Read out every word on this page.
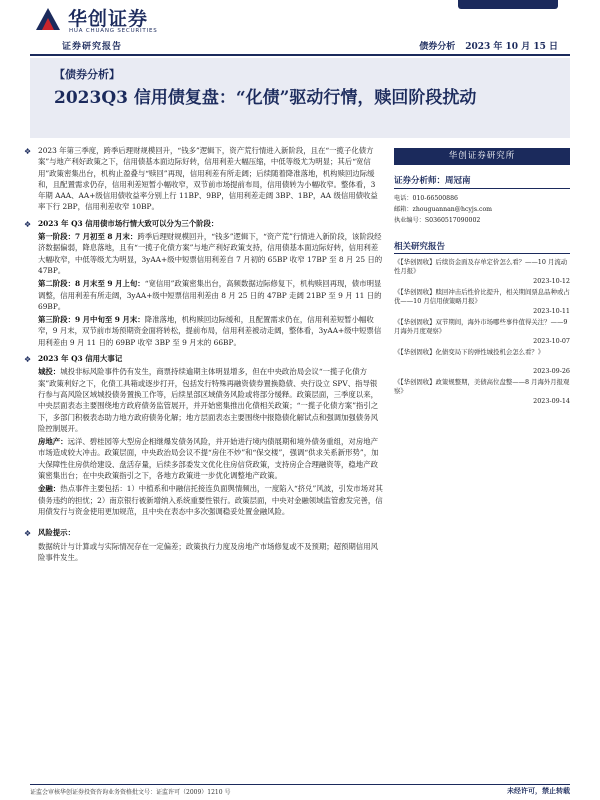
华创证券
HUA CHUANG SECURITIES
证券研究报告	债券分析 2023 年 10 月 15 日
【债券分析】
2023Q3 信用债复盘：“化债”驱动行情，赎回阶段扰动
❖ 2023 年第三季度，跨季后理财规模回升，“钱多”逻辑下，资产荒行情进入新阶段，且在“一揽子化债方案”与地产利好政策之下，信用债基本面边际好转，信用利差大幅压缩，中低等级尤为明显；其后“宽信用”政策密集出台，机构止盈叠与“赎回”再现，信用利差有所走阔；后续随着降准落地，机构赎回边际缓和，且配置需求仍存，信用利差短暂小幅收窄，双节前市场提前布局，信用债转为小幅收窄。整体看，3 年期 AAA、AA+级信用债收益率分别上行 11BP、9BP，信用利差走阔 3BP、1BP，AA 级信用债收益率下行 2BP，信用利差收窄 10BP。
❖ 2023 年 Q3 信用债市场行情大致可以分为三个阶段：
第一阶段：7 月初至 8 月末：跨季后理财规模回升，“钱多”逻辑下，“资产荒”行情进入新阶段，该阶段经济数据偏弱，降息落地，且有“一揽子化债方案”与地产利好政策支持，信用债基本面边际好转，信用利差大幅收窄，中低等级尤为明显，3yAA+级中短票信用利差自 7 月初的 65BP 收窄 17BP 至 8 月 25 日的 47BP。
第二阶段：8 月末至 9 月上旬：“宽信用”政策密集出台，高频数据边际修复下，机构赎回再现，债市明显调整，信用利差有所走阔，3yAA+级中短票信用利差由 8 月 25 日的 47BP 走阔 21BP 至 9 月 11 日的 69BP。
第三阶段：9 月中旬至 9 月末：降准落地，机构赎回边际缓和，且配置需求仍在，信用利差短暂小幅收窄，9 月末，双节前市场预期资金面将转松，提前布局，信用利差被动走阔，整体看，3yAA+级中短票信用利差由 9 月 11 日的 69BP 收窄 3BP 至 9 月末的 66BP。
❖ 2023 年 Q3 信用大事记
城投：城投非标风险事件仍有发生，商票持续逾期主体明显增多，但在中央政治局会议“一揽子化债方案”政策利好之下，化债工具箱或逐步打开，包括发行特殊再融资债券置换隐债、央行设立 SPV、指导银行参与高风险区域城投债务置换工作等，后续星部区域债务风险或将部分缓释。政策层面，三季度以来，中央层面表态主要围绕地方政府债务监管展开，并开始密集推出化债相关政策；“一揽子化债方案”指引之下，多部门积极表态助力地方政府债务化解；地方层面表态主要围绕中报隐债化解试点和强调加强债务风险控制展开。
房地产：远洋、碧桂园等大型房企相继爆发债务风险，并开始进行境内债展期和境外债务重组，对房地产市场造成较大冲击。政策层面，中央政治局会议不提“房住不炒”和“保交楼”，强调“供求关系新形势”，加大保障性住房供给建设、盘活存量，后续多部委发文优化住房信贷政策，支持房企合理融资等，稳地产政策密集出台；在中央政策指引之下，各地方政策进一步优化调整地产政策。
金融：热点事件主要包括：1）中植系和中融信托接连负面舆情频出，一度陷入“挤兑”风波，引发市场对其债务违约的担忧；2）南京银行被新增纳入系统重要性银行。政策层面，中央对金融领域监管愈发完善，信用债发行与资金使用更加规范，且中央在表态中多次强调稳妥处置金融风险。
❖ 风险提示：
数据统计与计算或与实际情况存在一定偏差；政策执行力度及房地产市场修复或不及预期；超预期信用风险事件发生。
华创证券研究所
证券分析师：周冠南
电话：010-66500886
邮箱：zhouguannan@hcyjs.com
执业编号：S0360517090002
相关研究报告
《【华创固收】后续资金面及存单定价怎么看？——10 月流动性月报》
2023-10-12
《【华创固收】赎回冲击后性价比提升，相关期间票息品种或占优——10 月信用债策略月报》
2023-10-11
《【华创固收】双节期间，海外市场哪些事件值得关注？——9 月海外月度观察》
2023-10-07
《【华创固收】化债变局下的弹性城投机会怎么看？》
2023-09-26
《【华创固收】政策规整期，美债高位盘整——8 月海外月报观察》
2023-09-14
证监会审核华创证券投资咨询业务资格批文号：证监许可（2009）1210 号	未经许可，禁止转载
